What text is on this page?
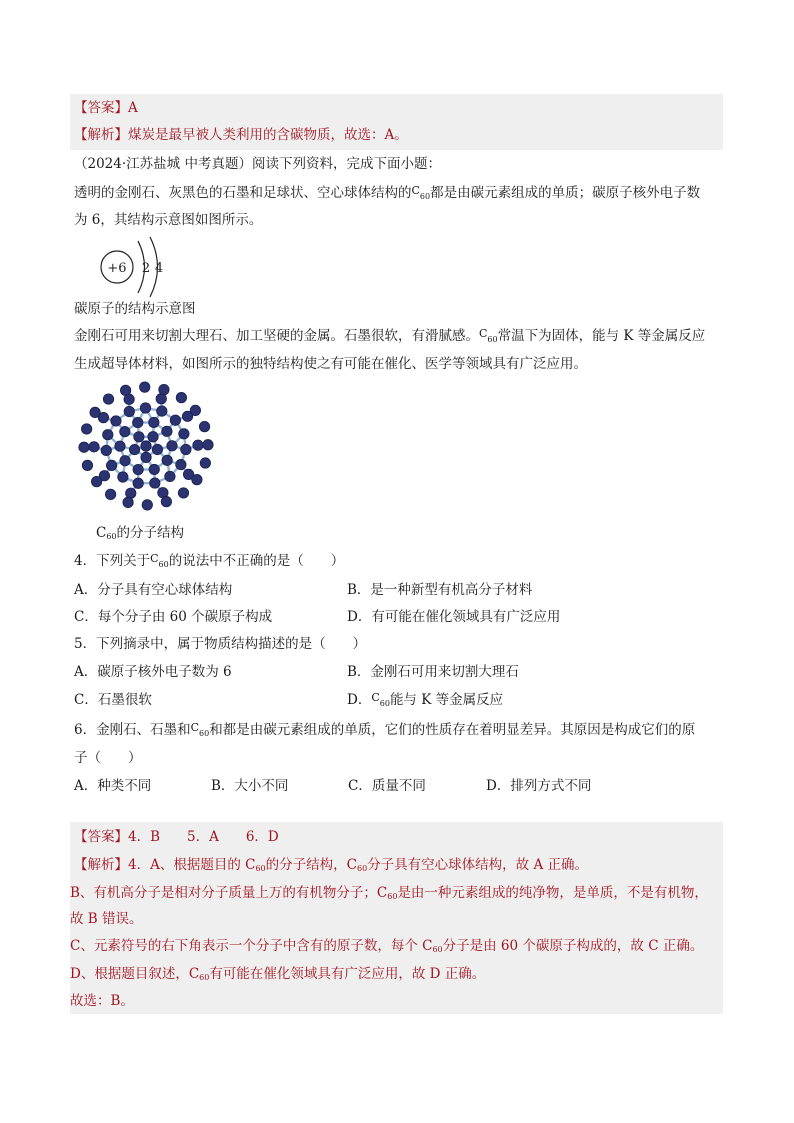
【答案】A
【解析】煤炭是最早被人类利用的含碳物质，故选：A。
（2024·江苏盐城 中考真题）阅读下列资料，完成下面小题：
透明的金刚石、灰黑色的石墨和足球状、空心球体结构的$^C_{60}$都是由碳元素组成的单质；碳原子核外电子数
为 6，其结构示意图如图所示。
+6 2 4
碳原子的结构示意图
金刚石可用来切割大理石、加工坚硬的金属。石墨很软，有滑腻感。$^C_{60}$常温下为固体，能与 K 等金属反应
生成超导体材料，如图所示的独特结构使之有可能在催化、医学等领域具有广泛应用。
$C_{60}$的分子结构
4．下列关于$^C_{60}$的说法中不正确的是（　　）
A．分子具有空心球体结构	B．是一种新型有机高分子材料
C．每个分子由 60 个碳原子构成	D．有可能在催化领域具有广泛应用
5．下列摘录中，属于物质结构描述的是（　　）
A．碳原子核外电子数为 6	B．金刚石可用来切割大理石
C．石墨很软	D．$^C_{60}$能与 K 等金属反应
6．金刚石、石墨和$^C_{60}$和都是由碳元素组成的单质，它们的性质存在着明显差异。其原因是构成它们的原
子（　　）
A．种类不同	B．大小不同	C．质量不同	D．排列方式不同
【答案】4．B　　5．A　　6．D
【解析】4．A、根据题目的 $C_{60}$的分子结构，$C_{60}$分子具有空心球体结构，故 A 正确。
B、有机高分子是相对分子质量上万的有机物分子；$C_{60}$是由一种元素组成的纯净物，是单质，不是有机物，
故 B 错误。
C、元素符号的右下角表示一个分子中含有的原子数，每个 $C_{60}$分子是由 60 个碳原子构成的，故 C 正确。
D、根据题目叙述，$C_{60}$有可能在催化领域具有广泛应用，故 D 正确。
故选：B。
